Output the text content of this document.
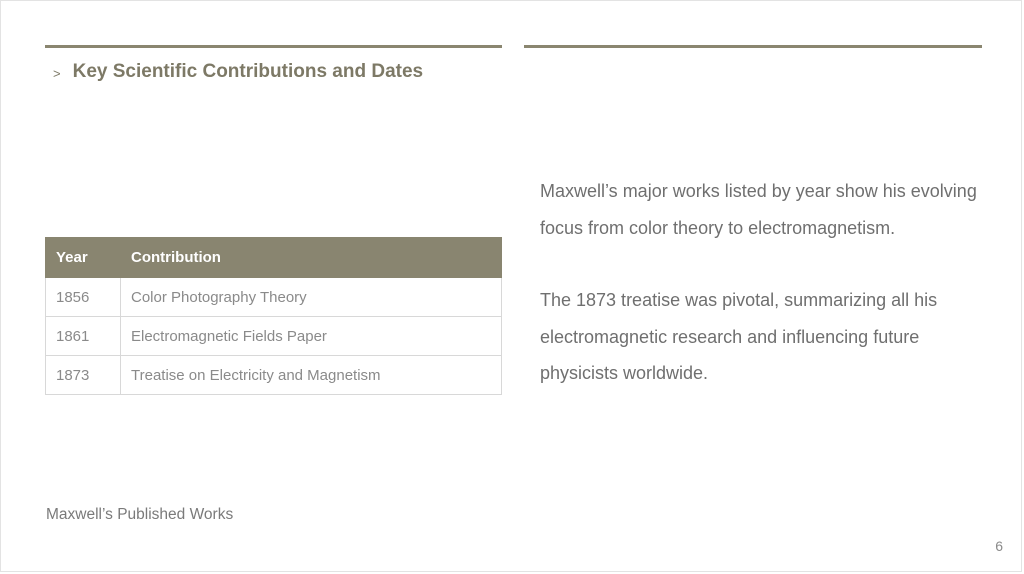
> Key Scientific Contributions and Dates
Year	Contribution
1856	Color Photography Theory
1861	Electromagnetic Fields Paper
1873	Treatise on Electricity and Magnetism

Maxwell’s major works listed by year show his evolving focus from color theory to electromagnetism.

The 1873 treatise was pivotal, summarizing all his electromagnetic research and influencing future physicists worldwide.

Maxwell’s Published Works
6
